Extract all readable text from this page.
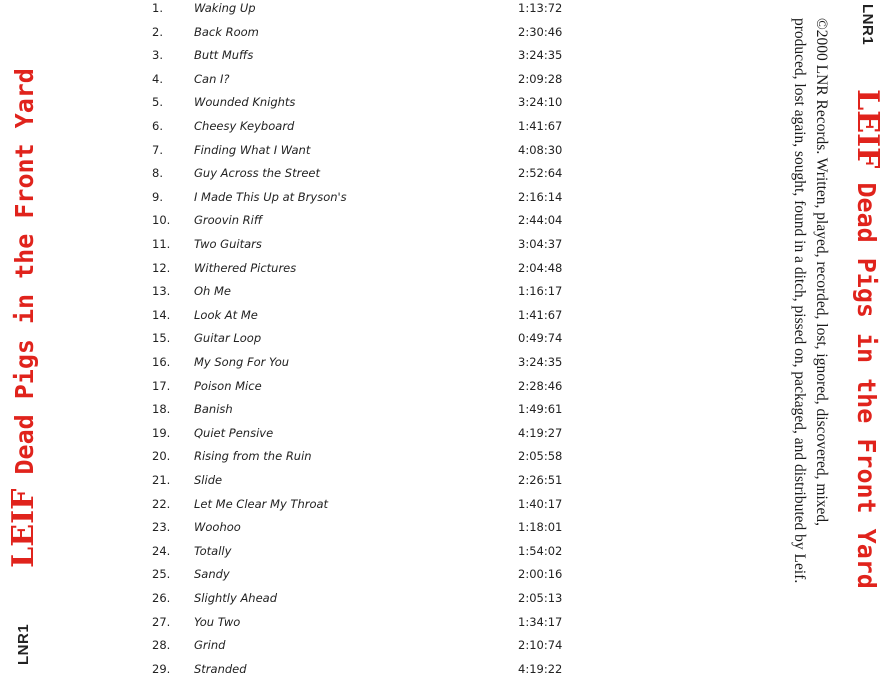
LNR1
LEIF
Dead Pigs in the Front Yard
1.	Waking Up	1:13:72
2.	Back Room	2:30:46
3.	Butt Muffs	3:24:35
4.	Can I?	2:09:28
5.	Wounded Knights	3:24:10
6.	Cheesy Keyboard	1:41:67
7.	Finding What I Want	4:08:30
8.	Guy Across the Street	2:52:64
9.	I Made This Up at Bryson's	2:16:14
10.	Groovin Riff	2:44:04
11.	Two Guitars	3:04:37
12.	Withered Pictures	2:04:48
13.	Oh Me	1:16:17
14.	Look At Me	1:41:67
15.	Guitar Loop	0:49:74
16.	My Song For You	3:24:35
17.	Poison Mice	2:28:46
18.	Banish	1:49:61
19.	Quiet Pensive	4:19:27
20.	Rising from the Ruin	2:05:58
21.	Slide	2:26:51
22.	Let Me Clear My Throat	1:40:17
23.	Woohoo	1:18:01
24.	Totally	1:54:02
25.	Sandy	2:00:16
26.	Slightly Ahead	2:05:13
27.	You Two	1:34:17
28.	Grind	2:10:74
29.	Stranded	4:19:22
©2000 LNR Records. Written, played, recorded, lost, ignored, discovered, mixed,
produced, lost again, sought, found in a ditch, pissed on, packaged, and distributed by Leif.	LNR1
LEIF
Dead Pigs in the Front Yard
